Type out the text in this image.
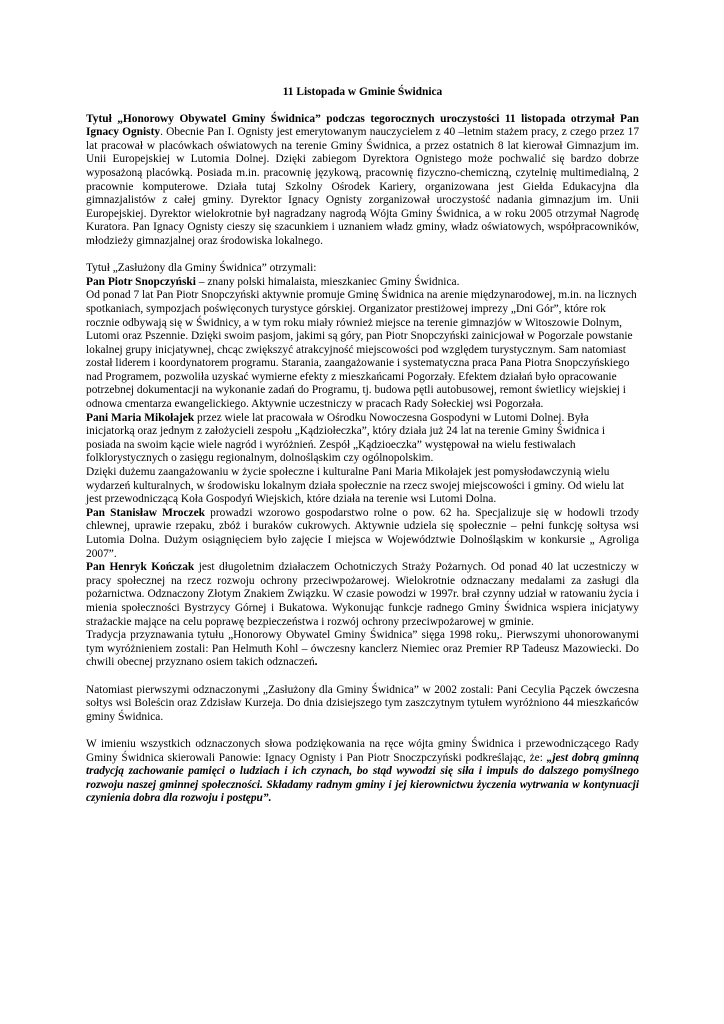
11 Listopada w Gminie Świdnica

Tytuł „Honorowy Obywatel Gminy Świdnica” podczas tegorocznych uroczystości 11 listopada otrzymał Pan Ignacy Ognisty. Obecnie Pan I. Ognisty jest emerytowanym nauczycielem z 40 –letnim stażem pracy, z czego przez 17 lat pracował w placówkach oświatowych na terenie Gminy Świdnica, a przez ostatnich 8 lat kierował Gimnazjum im. Unii Europejskiej w Lutomia Dolnej. Dzięki zabiegom Dyrektora Ognistego może pochwalić się bardzo dobrze wyposażoną placówką. Posiada m.in. pracownię językową, pracownię fizyczno-chemiczną, czytelnię multimedialną, 2 pracownie komputerowe. Działa tutaj Szkolny Ośrodek Kariery, organizowana jest Giełda Edukacyjna dla gimnazjalistów z całej gminy. Dyrektor Ignacy Ognisty zorganizował uroczystość nadania gimnazjum im. Unii Europejskiej. Dyrektor wielokrotnie był nagradzany nagrodą Wójta Gminy Świdnica, a w roku 2005 otrzymał Nagrodę Kuratora. Pan Ignacy Ognisty cieszy się szacunkiem i uznaniem władz gminy, władz oświatowych, współpracowników, młodzieży gimnazjalnej oraz środowiska lokalnego.

Tytuł „Zasłużony dla Gminy Świdnica” otrzymali:

Pan Piotr Snopczyński – znany polski himalaista, mieszkaniec Gminy Świdnica.

Od ponad 7 lat Pan Piotr Snopczyński aktywnie promuje Gminę Świdnica na arenie międzynarodowej, m.in. na licznych spotkaniach, sympozjach poświęconych turystyce górskiej. Organizator prestiżowej imprezy „Dni Gór”, które rok rocznie odbywają się w Świdnicy, a w tym roku miały również miejsce na terenie gimnazjów w Witoszowie Dolnym, Lutomi oraz Pszennie. Dzięki swoim pasjom, jakimi są góry, pan Piotr Snopczyński zainicjował w Pogorzale powstanie lokalnej grupy inicjatywnej, chcąc zwiększyć atrakcyjność miejscowości pod względem turystycznym. Sam natomiast został liderem i koordynatorem programu. Starania, zaangażowanie i systematyczna praca Pana Piotra Snopczyńskiego nad Programem, pozwoliła uzyskać wymierne efekty z mieszkańcami Pogorzały. Efektem działań było opracowanie potrzebnej dokumentacji na wykonanie zadań do Programu, tj. budowa pętli autobusowej, remont świetlicy wiejskiej i odnowa cmentarza ewangelickiego. Aktywnie uczestniczy w pracach Rady Sołeckiej wsi Pogorzała.

Pani Maria Mikołajek przez wiele lat pracowała w Ośrodku Nowoczesna Gospodyni w Lutomi Dolnej. Była inicjatorką oraz jednym z założycieli zespołu „Kądziołeczka”, który działa już 24 lat na terenie Gminy Świdnica i posiada na swoim kącie wiele nagród i wyróżnień. Zespół „Kądzioeczka” występował na wielu festiwalach folklorystycznych o zasięgu regionalnym, dolnośląskim czy ogólnopolskim.

Dzięki dużemu zaangażowaniu w życie społeczne i kulturalne Pani Maria Mikołajek jest pomysłodawczynią wielu wydarzeń kulturalnych, w środowisku lokalnym działa społecznie na rzecz swojej miejscowości i gminy. Od wielu lat jest przewodniczącą Koła Gospodyń Wiejskich, które działa na terenie wsi Lutomi Dolna.

Pan Stanisław Mroczek prowadzi wzorowo gospodarstwo rolne o pow. 62 ha. Specjalizuje się w hodowli trzody chlewnej, uprawie rzepaku, zbóż i buraków cukrowych. Aktywnie udziela się społecznie – pełni funkcję sołtysa wsi Lutomia Dolna. Dużym osiągnięciem było zajęcie I miejsca w Województwie Dolnośląskim w konkursie „ Agroliga 2007”.

Pan Henryk Kończak jest długoletnim działaczem Ochotniczych Straży Pożarnych. Od ponad 40 lat uczestniczy w pracy społecznej na rzecz rozwoju ochrony przeciwpożarowej. Wielokrotnie odznaczany medalami za zasługi dla pożarnictwa. Odznaczony Złotym Znakiem Związku. W czasie powodzi w 1997r. brał czynny udział w ratowaniu życia i mienia społeczności Bystrzycy Górnej i Bukatowa. Wykonując funkcje radnego Gminy Świdnica wspiera inicjatywy strażackie mające na celu poprawę bezpieczeństwa i rozwój ochrony przeciwpożarowej w gminie.

Tradycja przyznawania tytułu „Honorowy Obywatel Gminy Świdnica” sięga 1998 roku,. Pierwszymi uhonorowanymi tym wyróżnieniem zostali: Pan Helmuth Kohl – ówczesny kanclerz Niemiec oraz Premier RP Tadeusz Mazowiecki. Do chwili obecnej przyznano osiem takich odznaczeń.

Natomiast pierwszymi odznaczonymi „Zasłużony dla Gminy Świdnica” w 2002 zostali: Pani Cecylia Pączek ówczesna sołtys wsi Boleścin oraz Zdzisław Kurzeja. Do dnia dzisiejszego tym zaszczytnym tytułem wyróżniono 44 mieszkańców gminy Świdnica.

W imieniu wszystkich odznaczonych słowa podziękowania na ręce wójta gminy Świdnica i przewodniczącego Rady Gminy Świdnica skierowali Panowie: Ignacy Ognisty i Pan Piotr Snoczpczyński podkreślając, że: „jest dobrą gminną tradycją zachowanie pamięci o ludziach i ich czynach, bo stąd wywodzi się siła i impuls do dalszego pomyślnego rozwoju naszej gminnej społeczności. Składamy radnym gminy i jej kierownictwu życzenia wytrwania w kontynuacji czynienia dobra dla rozwoju i postępu”.
